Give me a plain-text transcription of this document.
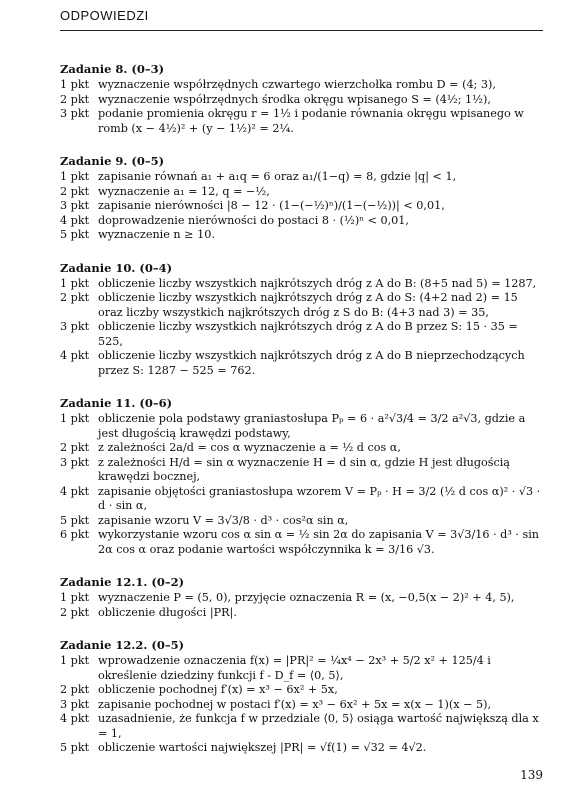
ODPOWIEDZI
Zadanie 8. (0–3)
1 pkt wyznaczenie współrzędnych czwartego wierzchołka rombu D = (4; 3),
2 pkt wyznaczenie współrzędnych środka okręgu wpisanego S = (4½; 1½),
3 pkt podanie promienia okręgu r = 1½ i podanie równania okręgu wpisanego w romb (x − 4½)² + (y − 1½)² = 2¼.
Zadanie 9. (0–5)
1 pkt zapisanie równań a₁ + a₁q = 6 oraz a₁/(1−q) = 8, gdzie |q| < 1,
2 pkt wyznaczenie a₁ = 12, q = −½,
3 pkt zapisanie nierówności |8 − 12 · (1−(−½)ⁿ)/(1−(−½))| < 0,01,
4 pkt doprowadzenie nierówności do postaci 8 · (½)ⁿ < 0,01,
5 pkt wyznaczenie n ≥ 10.
Zadanie 10. (0–4)
1 pkt obliczenie liczby wszystkich najkrótszych dróg z A do B: (8+5 nad 5) = 1287,
2 pkt obliczenie liczby wszystkich najkrótszych dróg z A do S: (4+2 nad 2) = 15 oraz liczby wszystkich najkrótszych dróg z S do B: (4+3 nad 3) = 35,
3 pkt obliczenie liczby wszystkich najkrótszych dróg z A do B przez S: 15 · 35 = 525,
4 pkt obliczenie liczby wszystkich najkrótszych dróg z A do B nieprzechodzących przez S: 1287 − 525 = 762.
Zadanie 11. (0–6)
1 pkt obliczenie pola podstawy graniastosłupa Pₚ = 6 · a²√3/4 = 3/2 a²√3, gdzie a jest długością krawędzi podstawy,
2 pkt z zależności 2a/d = cos α wyznaczenie a = ½ d cos α,
3 pkt z zależności H/d = sin α wyznaczenie H = d sin α, gdzie H jest długością krawędzi bocznej,
4 pkt zapisanie objętości graniastosłupa wzorem V = Pₚ · H = 3/2 (½ d cos α)² · √3 · d · sin α,
5 pkt zapisanie wzoru V = 3√3/8 · d³ · cos²α sin α,
6 pkt wykorzystanie wzoru cos α sin α = ½ sin 2α do zapisania V = 3√3/16 · d³ · sin 2α cos α oraz podanie wartości współczynnika k = 3/16 √3.
Zadanie 12.1. (0–2)
1 pkt wyznaczenie P = (5, 0), przyjęcie oznaczenia R = (x, −0,5(x − 2)² + 4, 5),
2 pkt obliczenie długości |PR|.
Zadanie 12.2. (0–5)
1 pkt wprowadzenie oznaczenia f(x) = |PR|² = ¼x⁴ − 2x³ + 5/2 x² + 125/4 i określenie dziedziny funkcji f - D_f = ⟨0, 5⟩,
2 pkt obliczenie pochodnej f′(x) = x³ − 6x² + 5x,
3 pkt zapisanie pochodnej w postaci f′(x) = x³ − 6x² + 5x = x(x − 1)(x − 5),
4 pkt uzasadnienie, że funkcja f w przedziale ⟨0, 5⟩ osiąga wartość największą dla x = 1,
5 pkt obliczenie wartości największej |PR| = √f(1) = √32 = 4√2.
139
